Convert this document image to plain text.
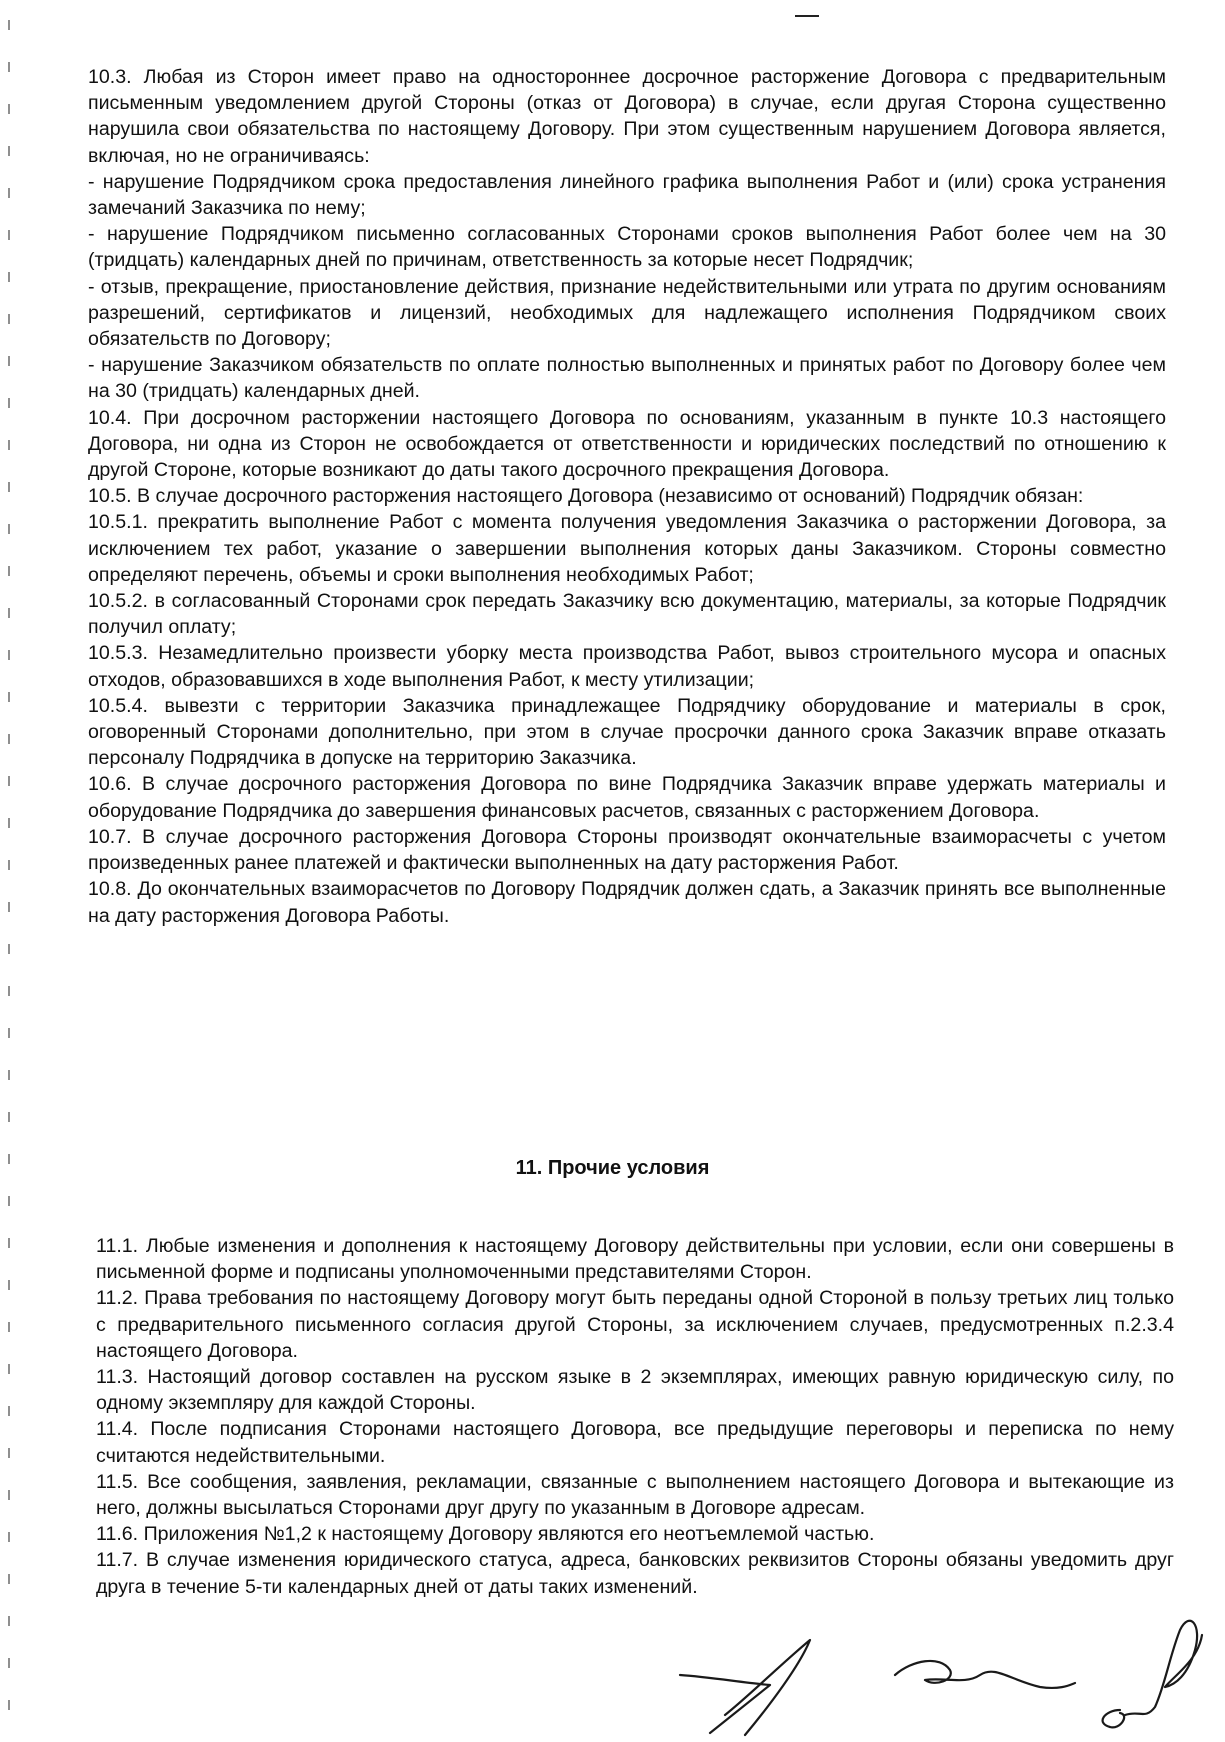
10.3. Любая из Сторон имеет право на одностороннее досрочное расторжение Договора с предварительным письменным уведомлением другой Стороны (отказ от Договора) в случае, если другая Сторона существенно нарушила свои обязательства по настоящему Договору. При этом существенным нарушением Договора является, включая, но не ограничиваясь:

- нарушение Подрядчиком срока предоставления линейного графика выполнения Работ и (или) срока устранения замечаний Заказчика по нему;

- нарушение Подрядчиком письменно согласованных Сторонами сроков выполнения Работ более чем на 30 (тридцать) календарных дней по причинам, ответственность за которые несет Подрядчик;

- отзыв, прекращение, приостановление действия, признание недействительными или утрата по другим основаниям разрешений, сертификатов и лицензий, необходимых для надлежащего исполнения Подрядчиком своих обязательств по Договору;

- нарушение Заказчиком обязательств по оплате полностью выполненных и принятых работ по Договору более чем на 30 (тридцать) календарных дней.

10.4. При досрочном расторжении настоящего Договора по основаниям, указанным в пункте 10.3 настоящего Договора, ни одна из Сторон не освобождается от ответственности и юридических последствий по отношению к другой Стороне, которые возникают до даты такого досрочного прекращения Договора.

10.5. В случае досрочного расторжения настоящего Договора (независимо от оснований) Подрядчик обязан:

10.5.1. прекратить выполнение Работ с момента получения уведомления Заказчика о расторжении Договора, за исключением тех работ, указание о завершении выполнения которых даны Заказчиком. Стороны совместно определяют перечень, объемы и сроки выполнения необходимых Работ;

10.5.2. в согласованный Сторонами срок передать Заказчику всю документацию, материалы, за которые Подрядчик получил оплату;

10.5.3. Незамедлительно произвести уборку места производства Работ, вывоз строительного мусора и опасных отходов, образовавшихся в ходе выполнения Работ, к месту утилизации;

10.5.4. вывезти с территории Заказчика принадлежащее Подрядчику оборудование и материалы в срок, оговоренный Сторонами дополнительно, при этом в случае просрочки данного срока Заказчик вправе отказать персоналу Подрядчика в допуске на территорию Заказчика.

10.6. В случае досрочного расторжения Договора по вине Подрядчика Заказчик вправе удержать материалы и оборудование Подрядчика до завершения финансовых расчетов, связанных с расторжением Договора.

10.7. В случае досрочного расторжения Договора Стороны производят окончательные взаиморасчеты с учетом произведенных ранее платежей и фактически выполненных на дату расторжения Работ.

10.8. До окончательных взаиморасчетов по Договору Подрядчик должен сдать, а Заказчик принять все выполненные на дату расторжения Договора Работы.

11. Прочие условия

11.1. Любые изменения и дополнения к настоящему Договору действительны при условии, если они совершены в письменной форме и подписаны уполномоченными представителями Сторон.

11.2. Права требования по настоящему Договору могут быть переданы одной Стороной в пользу третьих лиц только с предварительного письменного согласия другой Стороны, за исключением случаев, предусмотренных п.2.3.4 настоящего Договора.

11.3. Настоящий договор составлен на русском языке в 2 экземплярах, имеющих равную юридическую силу, по одному экземпляру для каждой Стороны.

11.4. После подписания Сторонами настоящего Договора, все предыдущие переговоры и переписка по нему считаются недействительными.

11.5. Все сообщения, заявления, рекламации, связанные с выполнением настоящего Договора и вытекающие из него, должны высылаться Сторонами друг другу по указанным в Договоре адресам.

11.6. Приложения №1,2 к настоящему Договору являются его неотъемлемой частью.

11.7. В случае изменения юридического статуса, адреса, банковских реквизитов Стороны обязаны уведомить друг друга в течение 5-ти календарных дней от даты таких изменений.
